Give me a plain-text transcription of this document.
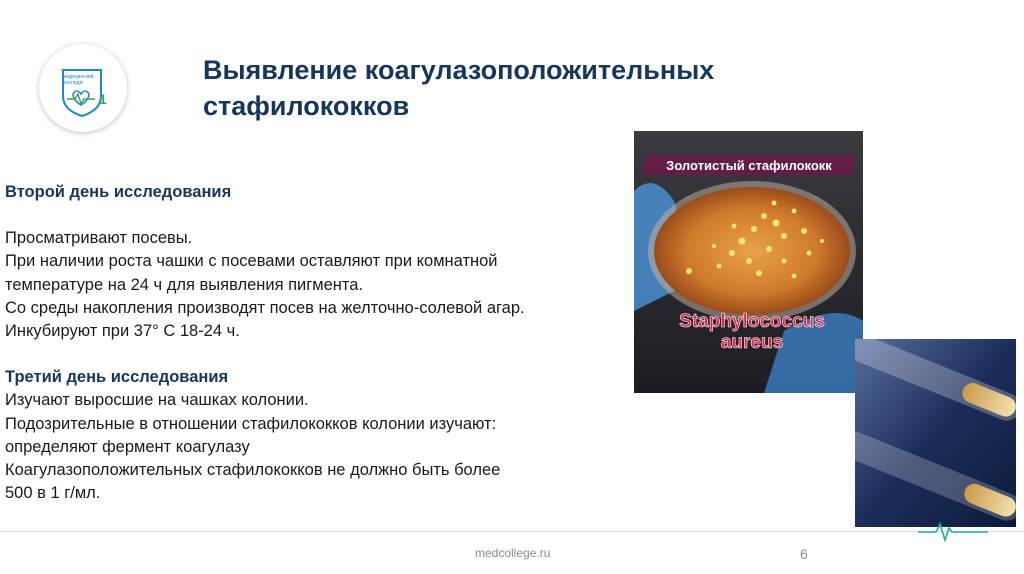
1
медицинский
колледж	Выявление коагулазоположительных
стафилококков
Второй день исследования
Просматривают посевы.
При наличии роста чашки с посевами оставляют при комнатной
температуре на 24 ч для выявления пигмента.
Со среды накопления производят посев на желточно-солевой агар.
Инкубируют при 37° С 18-24 ч.
Третий день исследования
Изучают выросшие на чашках колонии.
Подозрительные в отношении стафилококков колонии изучают:
определяют фермент коагулазу
Коагулазоположительных стафилококков не должно быть более
500 в 1 г/мл.
Золотистый стафилококк
Staphylococcus
aureus
medcollege.ru	6
